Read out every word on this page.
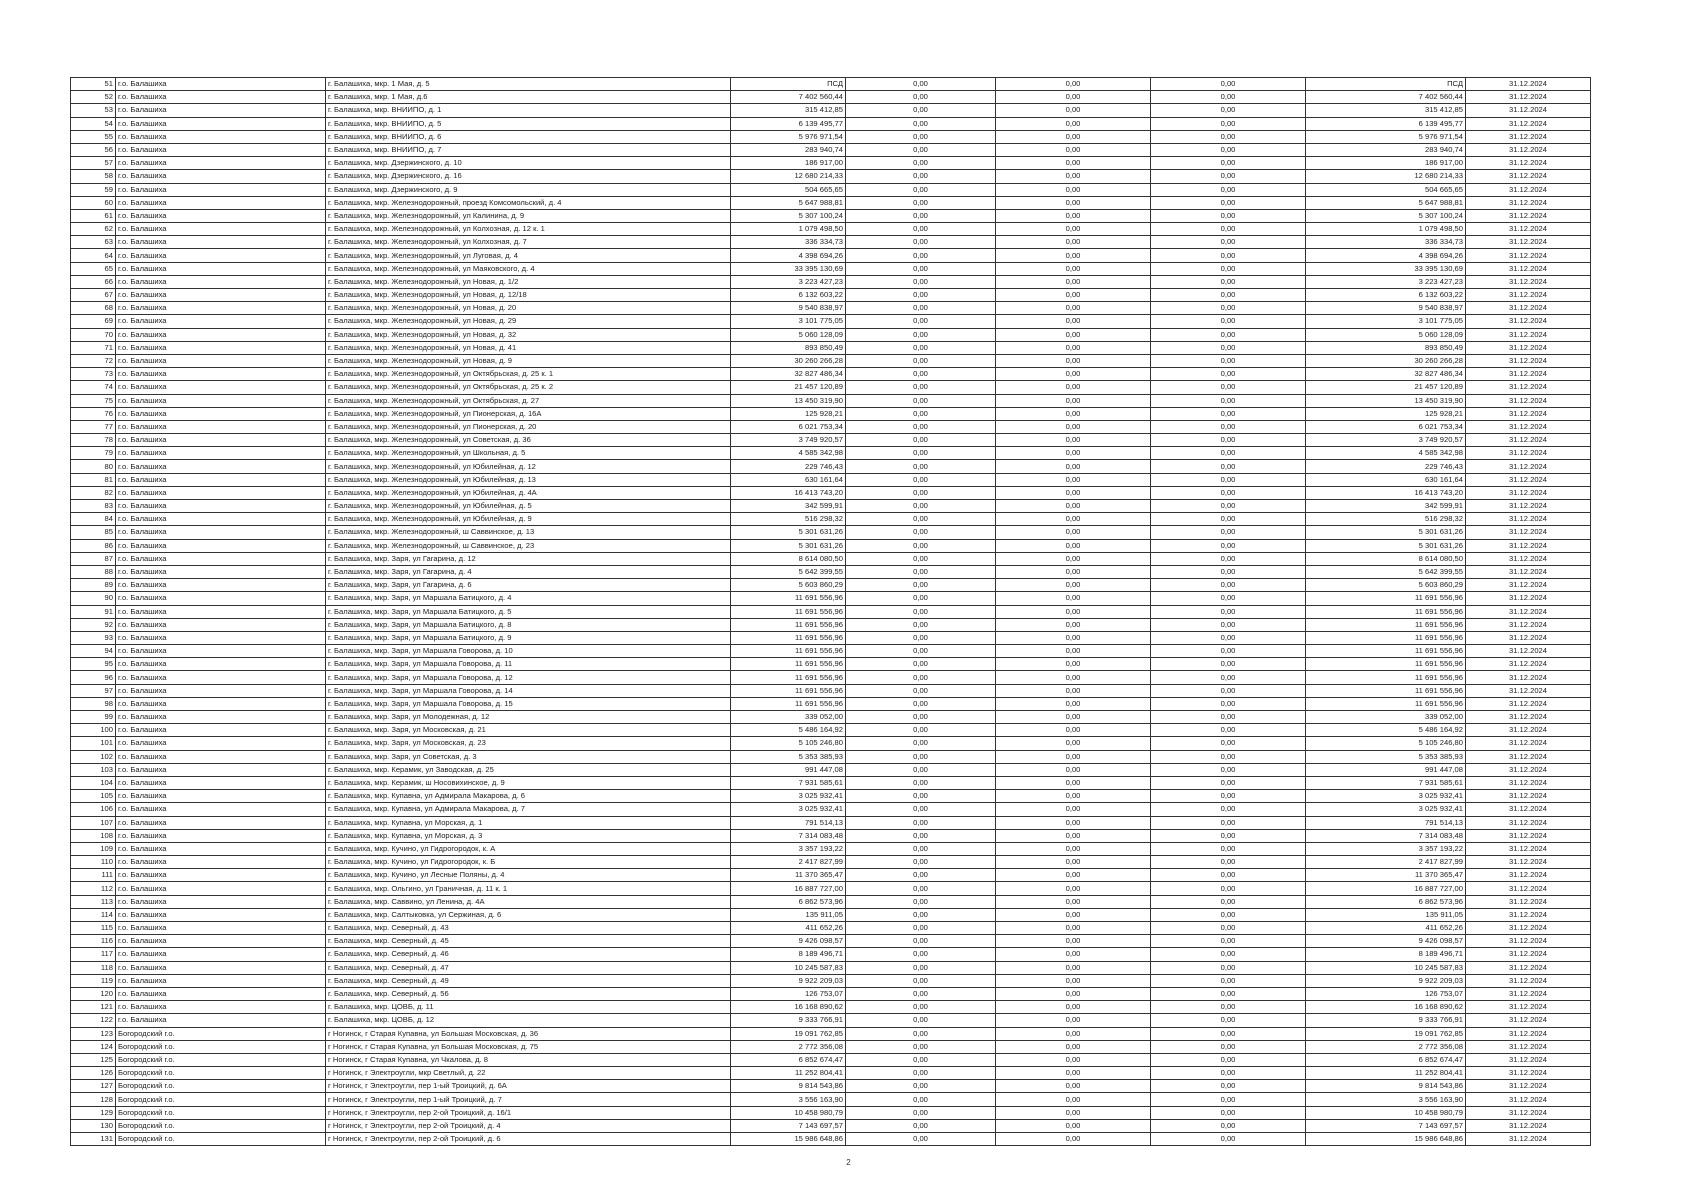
51	г.о. Балашиха	г. Балашиха, мкр. 1 Мая, д. 5	ПСД	0,00	0,00	0,00	ПСД	31.12.2024
52	г.о. Балашиха	г. Балашиха, мкр. 1 Мая, д.6	7 402 560,44	0,00	0,00	0,00	7 402 560,44	31.12.2024
53	г.о. Балашиха	г. Балашиха, мкр. ВНИИПО, д. 1	315 412,85	0,00	0,00	0,00	315 412,85	31.12.2024
54	г.о. Балашиха	г. Балашиха, мкр. ВНИИПО, д. 5	6 139 495,77	0,00	0,00	0,00	6 139 495,77	31.12.2024
55	г.о. Балашиха	г. Балашиха, мкр. ВНИИПО, д. 6	5 976 971,54	0,00	0,00	0,00	5 976 971,54	31.12.2024
56	г.о. Балашиха	г. Балашиха, мкр. ВНИИПО, д. 7	283 940,74	0,00	0,00	0,00	283 940,74	31.12.2024
57	г.о. Балашиха	г. Балашиха, мкр. Дзержинского, д. 10	186 917,00	0,00	0,00	0,00	186 917,00	31.12.2024
58	г.о. Балашиха	г. Балашиха, мкр. Дзержинского, д. 16	12 680 214,33	0,00	0,00	0,00	12 680 214,33	31.12.2024
59	г.о. Балашиха	г. Балашиха, мкр. Дзержинского, д. 9	504 665,65	0,00	0,00	0,00	504 665,65	31.12.2024
60	г.о. Балашиха	г. Балашиха, мкр. Железнодорожный, проезд Комсомольский, д. 4	5 647 988,81	0,00	0,00	0,00	5 647 988,81	31.12.2024
61	г.о. Балашиха	г. Балашиха, мкр. Железнодорожный, ул Калинина, д. 9	5 307 100,24	0,00	0,00	0,00	5 307 100,24	31.12.2024
62	г.о. Балашиха	г. Балашиха, мкр. Железнодорожный, ул Колхозная, д. 12 к. 1	1 079 498,50	0,00	0,00	0,00	1 079 498,50	31.12.2024
63	г.о. Балашиха	г. Балашиха, мкр. Железнодорожный, ул Колхозная, д. 7	336 334,73	0,00	0,00	0,00	336 334,73	31.12.2024
64	г.о. Балашиха	г. Балашиха, мкр. Железнодорожный, ул Луговая, д. 4	4 398 694,26	0,00	0,00	0,00	4 398 694,26	31.12.2024
65	г.о. Балашиха	г. Балашиха, мкр. Железнодорожный, ул Маяковского, д. 4	33 395 130,69	0,00	0,00	0,00	33 395 130,69	31.12.2024
66	г.о. Балашиха	г. Балашиха, мкр. Железнодорожный, ул Новая, д. 1/2	3 223 427,23	0,00	0,00	0,00	3 223 427,23	31.12.2024
67	г.о. Балашиха	г. Балашиха, мкр. Железнодорожный, ул Новая, д. 12/18	6 132 603,22	0,00	0,00	0,00	6 132 603,22	31.12.2024
68	г.о. Балашиха	г. Балашиха, мкр. Железнодорожный, ул Новая, д. 20	9 540 838,97	0,00	0,00	0,00	9 540 838,97	31.12.2024
69	г.о. Балашиха	г. Балашиха, мкр. Железнодорожный, ул Новая, д. 29	3 101 775,05	0,00	0,00	0,00	3 101 775,05	31.12.2024
70	г.о. Балашиха	г. Балашиха, мкр. Железнодорожный, ул Новая, д. 32	5 060 128,09	0,00	0,00	0,00	5 060 128,09	31.12.2024
71	г.о. Балашиха	г. Балашиха, мкр. Железнодорожный, ул Новая, д. 41	893 850,49	0,00	0,00	0,00	893 850,49	31.12.2024
72	г.о. Балашиха	г. Балашиха, мкр. Железнодорожный, ул Новая, д. 9	30 260 266,28	0,00	0,00	0,00	30 260 266,28	31.12.2024
73	г.о. Балашиха	г. Балашиха, мкр. Железнодорожный, ул Октябрьская, д. 25 к. 1	32 827 486,34	0,00	0,00	0,00	32 827 486,34	31.12.2024
74	г.о. Балашиха	г. Балашиха, мкр. Железнодорожный, ул Октябрьская, д. 25 к. 2	21 457 120,89	0,00	0,00	0,00	21 457 120,89	31.12.2024
75	г.о. Балашиха	г. Балашиха, мкр. Железнодорожный, ул Октябрьская, д. 27	13 450 319,90	0,00	0,00	0,00	13 450 319,90	31.12.2024
76	г.о. Балашиха	г. Балашиха, мкр. Железнодорожный, ул Пионерская, д. 16А	125 928,21	0,00	0,00	0,00	125 928,21	31.12.2024
77	г.о. Балашиха	г. Балашиха, мкр. Железнодорожный, ул Пионерская, д. 20	6 021 753,34	0,00	0,00	0,00	6 021 753,34	31.12.2024
78	г.о. Балашиха	г. Балашиха, мкр. Железнодорожный, ул Советская, д. 36	3 749 920,57	0,00	0,00	0,00	3 749 920,57	31.12.2024
79	г.о. Балашиха	г. Балашиха, мкр. Железнодорожный, ул Школьная, д. 5	4 585 342,98	0,00	0,00	0,00	4 585 342,98	31.12.2024
80	г.о. Балашиха	г. Балашиха, мкр. Железнодорожный, ул Юбилейная, д. 12	229 746,43	0,00	0,00	0,00	229 746,43	31.12.2024
81	г.о. Балашиха	г. Балашиха, мкр. Железнодорожный, ул Юбилейная, д. 13	630 161,64	0,00	0,00	0,00	630 161,64	31.12.2024
82	г.о. Балашиха	г. Балашиха, мкр. Железнодорожный, ул Юбилейная, д. 4А	16 413 743,20	0,00	0,00	0,00	16 413 743,20	31.12.2024
83	г.о. Балашиха	г. Балашиха, мкр. Железнодорожный, ул Юбилейная, д. 5	342 599,91	0,00	0,00	0,00	342 599,91	31.12.2024
84	г.о. Балашиха	г. Балашиха, мкр. Железнодорожный, ул Юбилейная, д. 9	516 298,32	0,00	0,00	0,00	516 298,32	31.12.2024
85	г.о. Балашиха	г. Балашиха, мкр. Железнодорожный, ш Саввинское, д. 13	5 301 631,26	0,00	0,00	0,00	5 301 631,26	31.12.2024
86	г.о. Балашиха	г. Балашиха, мкр. Железнодорожный, ш Саввинское, д. 23	5 301 631,26	0,00	0,00	0,00	5 301 631,26	31.12.2024
87	г.о. Балашиха	г. Балашиха, мкр. Заря, ул Гагарина, д. 12	8 614 080,50	0,00	0,00	0,00	8 614 080,50	31.12.2024
88	г.о. Балашиха	г. Балашиха, мкр. Заря, ул Гагарина, д. 4	5 642 399,55	0,00	0,00	0,00	5 642 399,55	31.12.2024
89	г.о. Балашиха	г. Балашиха, мкр. Заря, ул Гагарина, д. 6	5 603 860,29	0,00	0,00	0,00	5 603 860,29	31.12.2024
90	г.о. Балашиха	г. Балашиха, мкр. Заря, ул Маршала Батицкого, д. 4	11 691 556,96	0,00	0,00	0,00	11 691 556,96	31.12.2024
91	г.о. Балашиха	г. Балашиха, мкр. Заря, ул Маршала Батицкого, д. 5	11 691 556,96	0,00	0,00	0,00	11 691 556,96	31.12.2024
92	г.о. Балашиха	г. Балашиха, мкр. Заря, ул Маршала Батицкого, д. 8	11 691 556,96	0,00	0,00	0,00	11 691 556,96	31.12.2024
93	г.о. Балашиха	г. Балашиха, мкр. Заря, ул Маршала Батицкого, д. 9	11 691 556,96	0,00	0,00	0,00	11 691 556,96	31.12.2024
94	г.о. Балашиха	г. Балашиха, мкр. Заря, ул Маршала Говорова, д. 10	11 691 556,96	0,00	0,00	0,00	11 691 556,96	31.12.2024
95	г.о. Балашиха	г. Балашиха, мкр. Заря, ул Маршала Говорова, д. 11	11 691 556,96	0,00	0,00	0,00	11 691 556,96	31.12.2024
96	г.о. Балашиха	г. Балашиха, мкр. Заря, ул Маршала Говорова, д. 12	11 691 556,96	0,00	0,00	0,00	11 691 556,96	31.12.2024
97	г.о. Балашиха	г. Балашиха, мкр. Заря, ул Маршала Говорова, д. 14	11 691 556,96	0,00	0,00	0,00	11 691 556,96	31.12.2024
98	г.о. Балашиха	г. Балашиха, мкр. Заря, ул Маршала Говорова, д. 15	11 691 556,96	0,00	0,00	0,00	11 691 556,96	31.12.2024
99	г.о. Балашиха	г. Балашиха, мкр. Заря, ул Молодежная, д. 12	339 052,00	0,00	0,00	0,00	339 052,00	31.12.2024
100	г.о. Балашиха	г. Балашиха, мкр. Заря, ул Московская, д. 21	5 486 164,92	0,00	0,00	0,00	5 486 164,92	31.12.2024
101	г.о. Балашиха	г. Балашиха, мкр. Заря, ул Московская, д. 23	5 105 246,80	0,00	0,00	0,00	5 105 246,80	31.12.2024
102	г.о. Балашиха	г. Балашиха, мкр. Заря, ул Советская, д. 3	5 353 385,93	0,00	0,00	0,00	5 353 385,93	31.12.2024
103	г.о. Балашиха	г. Балашиха, мкр. Керамик, ул Заводская, д. 25	991 447,08	0,00	0,00	0,00	991 447,08	31.12.2024
104	г.о. Балашиха	г. Балашиха, мкр. Керамик, ш Носовихинское, д. 9	7 931 585,61	0,00	0,00	0,00	7 931 585,61	31.12.2024
105	г.о. Балашиха	г. Балашиха, мкр. Купавна, ул Адмирала Макарова, д. 6	3 025 932,41	0,00	0,00	0,00	3 025 932,41	31.12.2024
106	г.о. Балашиха	г. Балашиха, мкр. Купавна, ул Адмирала Макарова, д. 7	3 025 932,41	0,00	0,00	0,00	3 025 932,41	31.12.2024
107	г.о. Балашиха	г. Балашиха, мкр. Купавна, ул Морская, д. 1	791 514,13	0,00	0,00	0,00	791 514,13	31.12.2024
108	г.о. Балашиха	г. Балашиха, мкр. Купавна, ул Морская, д. 3	7 314 083,48	0,00	0,00	0,00	7 314 083,48	31.12.2024
109	г.о. Балашиха	г. Балашиха, мкр. Кучино, ул Гидрогородок, к. А	3 357 193,22	0,00	0,00	0,00	3 357 193,22	31.12.2024
110	г.о. Балашиха	г. Балашиха, мкр. Кучино, ул Гидрогородок, к. Б	2 417 827,99	0,00	0,00	0,00	2 417 827,99	31.12.2024
111	г.о. Балашиха	г. Балашиха, мкр. Кучино, ул Лесные Поляны, д. 4	11 370 365,47	0,00	0,00	0,00	11 370 365,47	31.12.2024
112	г.о. Балашиха	г. Балашиха, мкр. Ольгино, ул Граничная, д. 11 к. 1	16 887 727,00	0,00	0,00	0,00	16 887 727,00	31.12.2024
113	г.о. Балашиха	г. Балашиха, мкр. Саввино, ул Ленина, д. 4А	6 862 573,96	0,00	0,00	0,00	6 862 573,96	31.12.2024
114	г.о. Балашиха	г. Балашиха, мкр. Салтыковка, ул Сержиная, д. 6	135 911,05	0,00	0,00	0,00	135 911,05	31.12.2024
115	г.о. Балашиха	г. Балашиха, мкр. Северный, д. 43	411 652,26	0,00	0,00	0,00	411 652,26	31.12.2024
116	г.о. Балашиха	г. Балашиха, мкр. Северный, д. 45	9 426 098,57	0,00	0,00	0,00	9 426 098,57	31.12.2024
117	г.о. Балашиха	г. Балашиха, мкр. Северный, д. 46	8 189 496,71	0,00	0,00	0,00	8 189 496,71	31.12.2024
118	г.о. Балашиха	г. Балашиха, мкр. Северный, д. 47	10 245 587,83	0,00	0,00	0,00	10 245 587,83	31.12.2024
119	г.о. Балашиха	г. Балашиха, мкр. Северный, д. 49	9 922 209,03	0,00	0,00	0,00	9 922 209,03	31.12.2024
120	г.о. Балашиха	г. Балашиха, мкр. Северный, д. 56	126 753,07	0,00	0,00	0,00	126 753,07	31.12.2024
121	г.о. Балашиха	г. Балашиха, мкр. ЦОВБ, д. 11	16 168 890,62	0,00	0,00	0,00	16 168 890,62	31.12.2024
122	г.о. Балашиха	г. Балашиха, мкр. ЦОВБ, д. 12	9 333 766,91	0,00	0,00	0,00	9 333 766,91	31.12.2024
123	Богородский г.о.	г Ногинск, г Старая Купавна, ул Большая Московская, д. 36	19 091 762,85	0,00	0,00	0,00	19 091 762,85	31.12.2024
124	Богородский г.о.	г Ногинск, г Старая Купавна, ул Большая Московская, д. 75	2 772 356,08	0,00	0,00	0,00	2 772 356,08	31.12.2024
125	Богородский г.о.	г Ногинск, г Старая Купавна, ул Чкалова, д. 8	6 852 674,47	0,00	0,00	0,00	6 852 674,47	31.12.2024
126	Богородский г.о.	г Ногинск, г Электроугли, мкр Светлый, д. 22	11 252 804,41	0,00	0,00	0,00	11 252 804,41	31.12.2024
127	Богородский г.о.	г Ногинск, г Электроугли, пер 1-ый Троицкий, д. 6А	9 814 543,86	0,00	0,00	0,00	9 814 543,86	31.12.2024
128	Богородский г.о.	г Ногинск, г Электроугли, пер 1-ый Троицкий, д. 7	3 556 163,90	0,00	0,00	0,00	3 556 163,90	31.12.2024
129	Богородский г.о.	г Ногинск, г Электроугли, пер 2-ой Троицкий, д. 16/1	10 458 980,79	0,00	0,00	0,00	10 458 980,79	31.12.2024
130	Богородский г.о.	г Ногинск, г Электроугли, пер 2-ой Троицкий, д. 4	7 143 697,57	0,00	0,00	0,00	7 143 697,57	31.12.2024
131	Богородский г.о.	г Ногинск, г Электроугли, пер 2-ой Троицкий, д. 6	15 986 648,86	0,00	0,00	0,00	15 986 648,86	31.12.2024
2
